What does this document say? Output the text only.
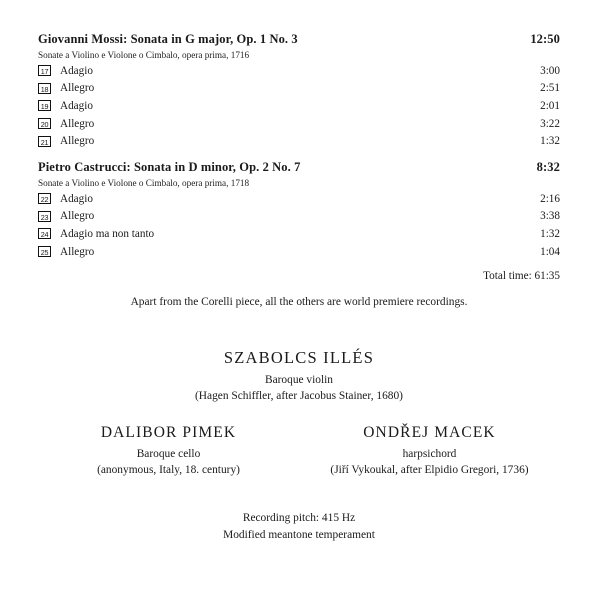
Giovanni Mossi: Sonata in G major, Op. 1 No. 3	12:50
Sonate a Violino e Violone o Cimbalo, opera prima, 1716
17 Adagio	3:00
18 Allegro	2:51
19 Adagio	2:01
20 Allegro	3:22
21 Allegro	1:32
Pietro Castrucci: Sonata in D minor, Op. 2 No. 7	8:32
Sonate a Violino e Violone o Cimbalo, opera prima, 1718
22 Adagio	2:16
23 Allegro	3:38
24 Adagio ma non tanto	1:32
25 Allegro	1:04
Total time: 61:35
Apart from the Corelli piece, all the others are world premiere recordings.
SZABOLCS ILLÉS
Baroque violin
(Hagen Schiffler, after Jacobus Stainer, 1680)
DALIBOR PIMEK
Baroque cello
(anonymous, Italy, 18. century)
ONDŘEJ MACEK
harpsichord
(Jiří Vykoukal, after Elpidio Gregori, 1736)
Recording pitch: 415 Hz
Modified meantone temperament
